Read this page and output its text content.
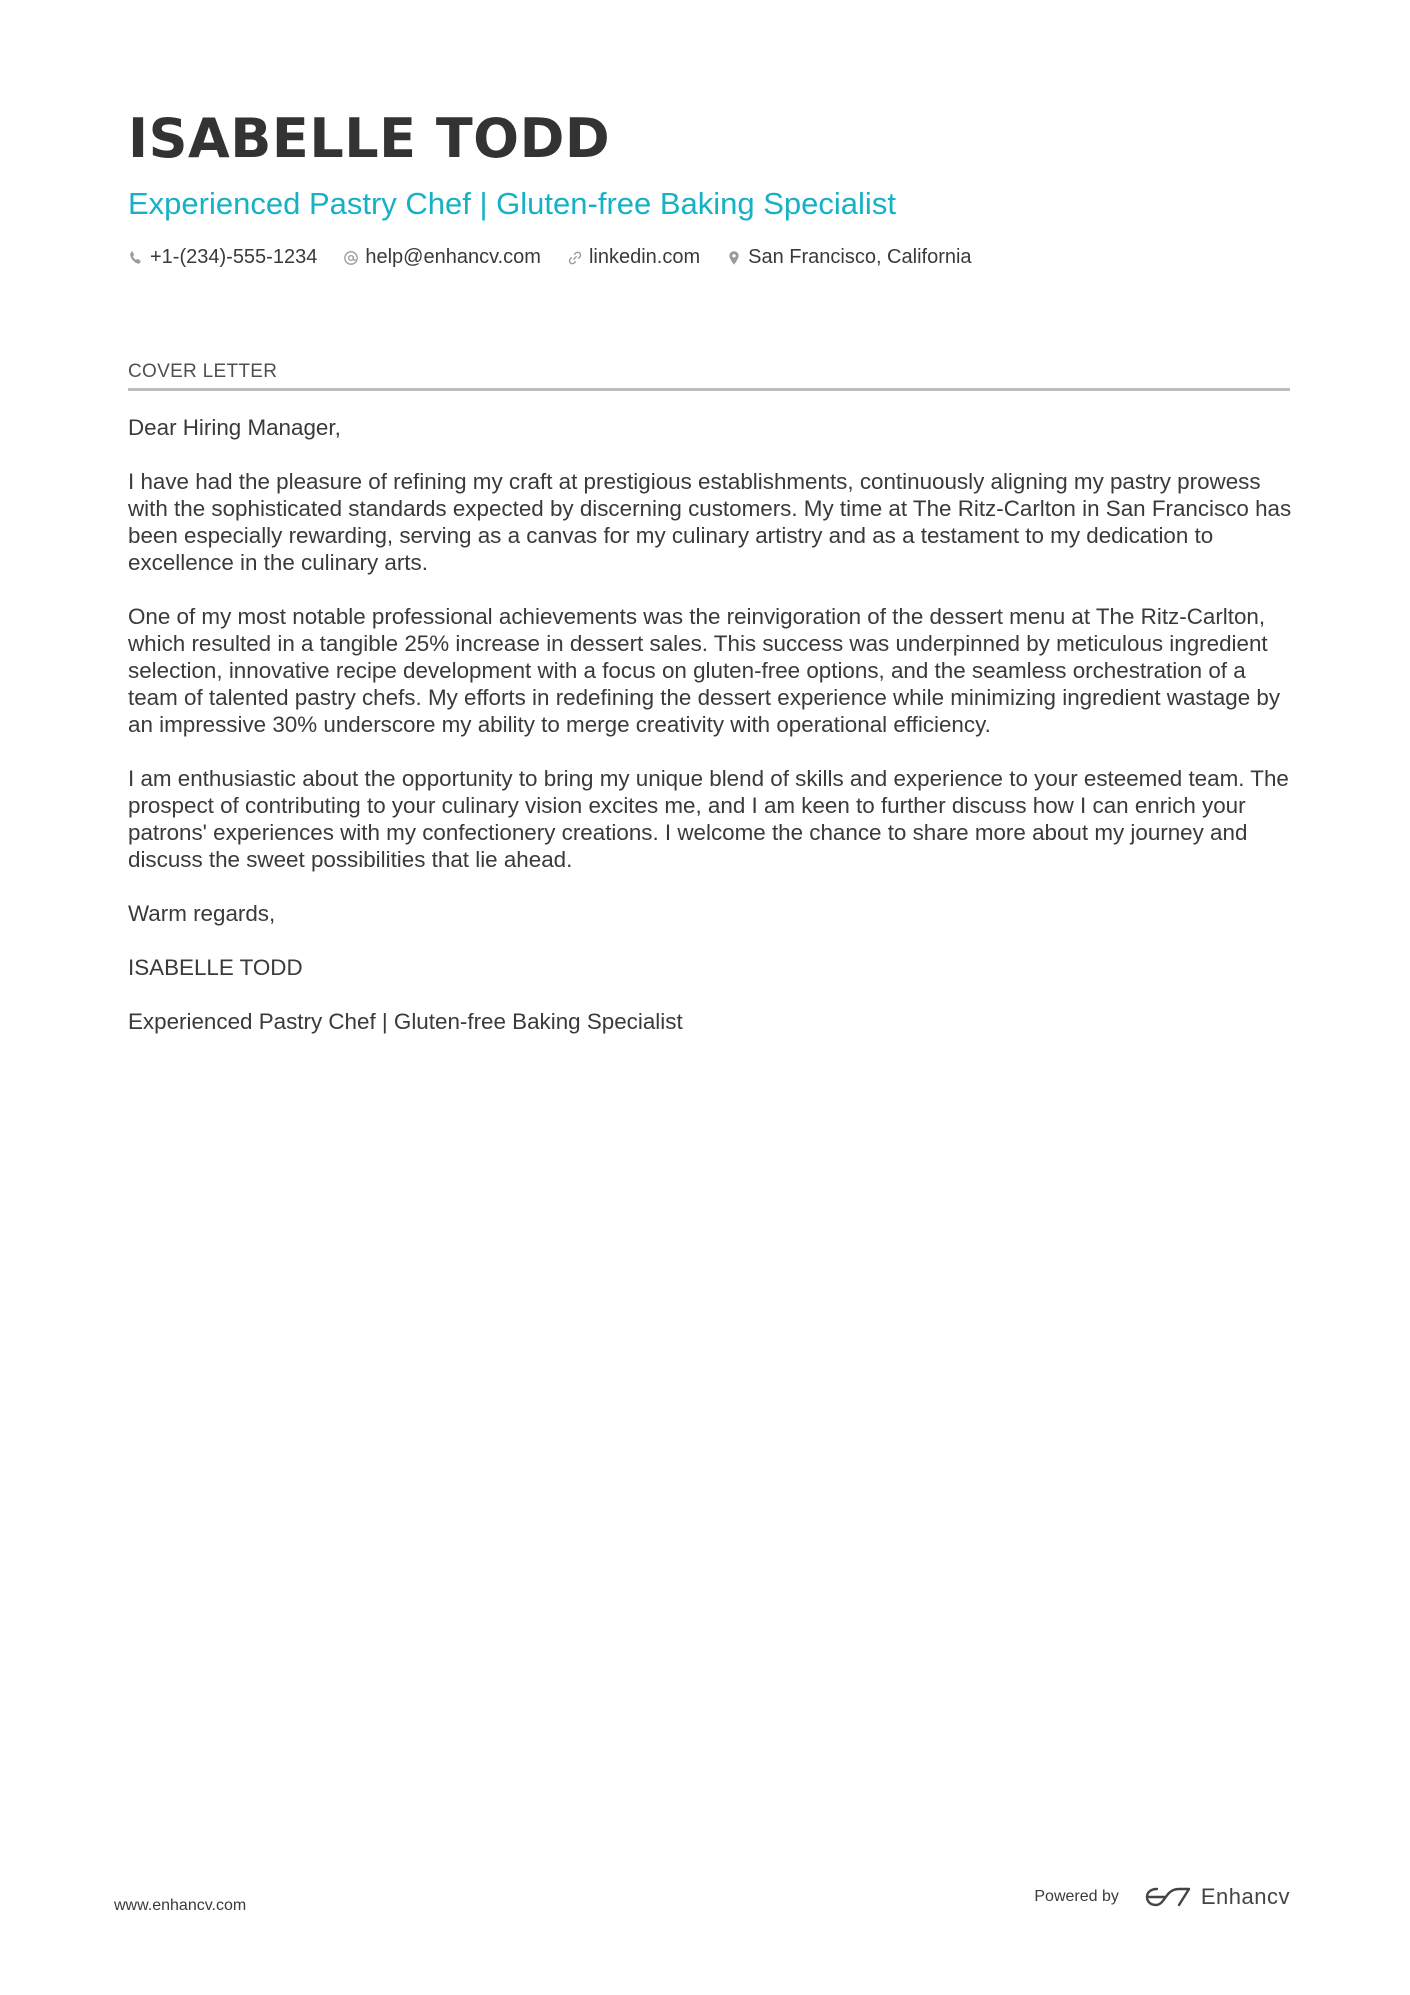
ISABELLE TODD
Experienced Pastry Chef | Gluten-free Baking Specialist
+1-(234)-555-1234 help@enhancv.com linkedin.com San Francisco, California
COVER LETTER

Dear Hiring Manager,

I have had the pleasure of refining my craft at prestigious establishments, continuously aligning my pastry prowess with the sophisticated standards expected by discerning customers. My time at The Ritz-Carlton in San Francisco has been especially rewarding, serving as a canvas for my culinary artistry and as a testament to my dedication to excellence in the culinary arts.

One of my most notable professional achievements was the reinvigoration of the dessert menu at The Ritz-Carlton, which resulted in a tangible 25% increase in dessert sales. This success was underpinned by meticulous ingredient selection, innovative recipe development with a focus on gluten-free options, and the seamless orchestration of a team of talented pastry chefs. My efforts in redefining the dessert experience while minimizing ingredient wastage by an impressive 30% underscore my ability to merge creativity with operational efficiency.

I am enthusiastic about the opportunity to bring my unique blend of skills and experience to your esteemed team. The prospect of contributing to your culinary vision excites me, and I am keen to further discuss how I can enrich your patrons' experiences with my confectionery creations. I welcome the chance to share more about my journey and discuss the sweet possibilities that lie ahead.

Warm regards,

ISABELLE TODD

Experienced Pastry Chef | Gluten-free Baking Specialist

www.enhancv.com
Powered by	Enhancv
